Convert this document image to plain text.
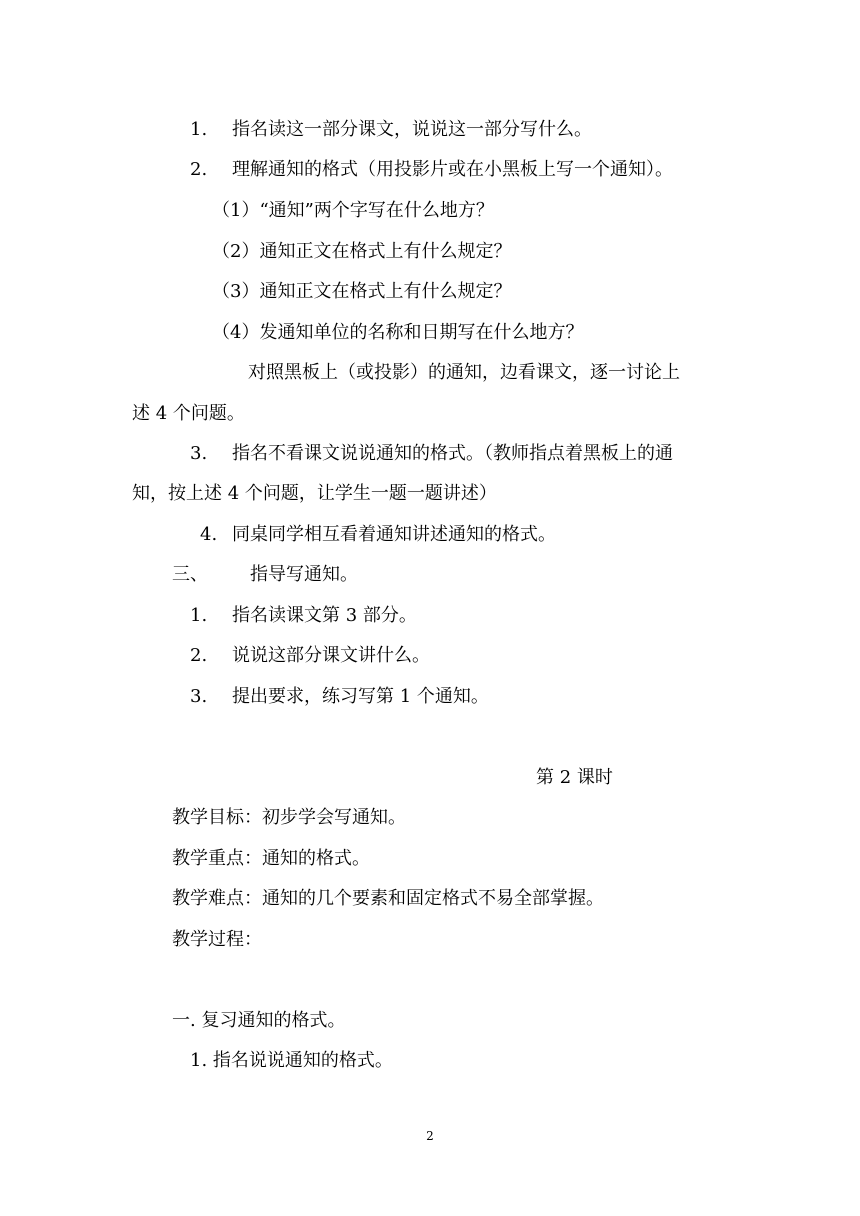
1. 指名读这一部分课文，说说这一部分写什么。
2. 理解通知的格式（用投影片或在小黑板上写一个通知）。
（1）“通知”两个字写在什么地方？
（2）通知正文在格式上有什么规定？
（3）通知正文在格式上有什么规定？
（4）发通知单位的名称和日期写在什么地方？
对照黑板上（或投影）的通知，边看课文，逐一讨论上
述 4 个问题。
3. 指名不看课文说说通知的格式。（教师指点着黑板上的通
知，按上述 4 个问题，让学生一题一题讲述）
4. 同桌同学相互看着通知讲述通知的格式。
三、 指导写通知。
1. 指名读课文第 3 部分。
2. 说说这部分课文讲什么。
3. 提出要求，练习写第 1 个通知。
第 2 课时
教学目标：初步学会写通知。
教学重点：通知的格式。
教学难点：通知的几个要素和固定格式不易全部掌握。
教学过程：
一. 复习通知的格式。
1. 指名说说通知的格式。
2
